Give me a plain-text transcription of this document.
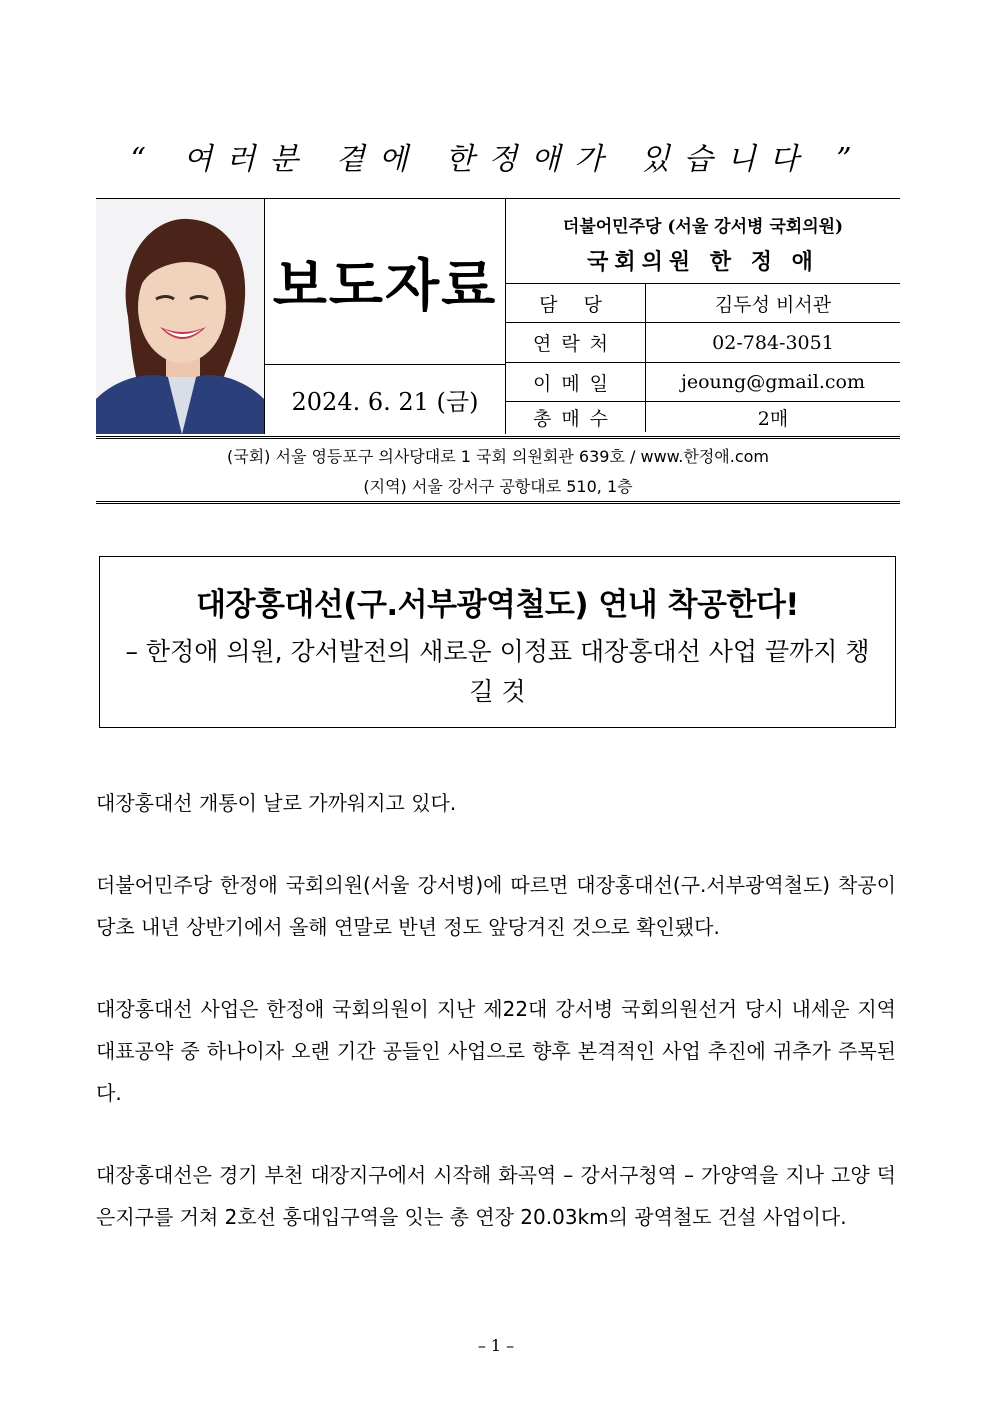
“ 여러분 곁에 한정애가 있습니다 ”
보도자료
2024. 6. 21 (금)
더불어민주당 (서울 강서병 국회의원)
국회의원 한 정 애
담 당	김두성 비서관
연락처	02-784-3051
이메일	jeoung@gmail.com
총매수	2매
(국회) 서울 영등포구 의사당대로 1 국회 의원회관 639호 / www.한정애.com
(지역) 서울 강서구 공항대로 510, 1층
대장홍대선(구.서부광역철도) 연내 착공한다!
– 한정애 의원, 강서발전의 새로운 이정표 대장홍대선 사업 끝까지 챙길 것

대장홍대선 개통이 날로 가까워지고 있다.

더불어민주당 한정애 국회의원(서울 강서병)에 따르면 대장홍대선(구.서부광역철도) 착공이 당초 내년 상반기에서 올해 연말로 반년 정도 앞당겨진 것으로 확인됐다.

대장홍대선 사업은 한정애 국회의원이 지난 제22대 강서병 국회의원선거 당시 내세운 지역 대표공약 중 하나이자 오랜 기간 공들인 사업으로 향후 본격적인 사업 추진에 귀추가 주목된다.

대장홍대선은 경기 부천 대장지구에서 시작해 화곡역 – 강서구청역 – 가양역을 지나 고양 덕은지구를 거쳐 2호선 홍대입구역을 잇는 총 연장 20.03km의 광역철도 건설 사업이다.

– 1 –
